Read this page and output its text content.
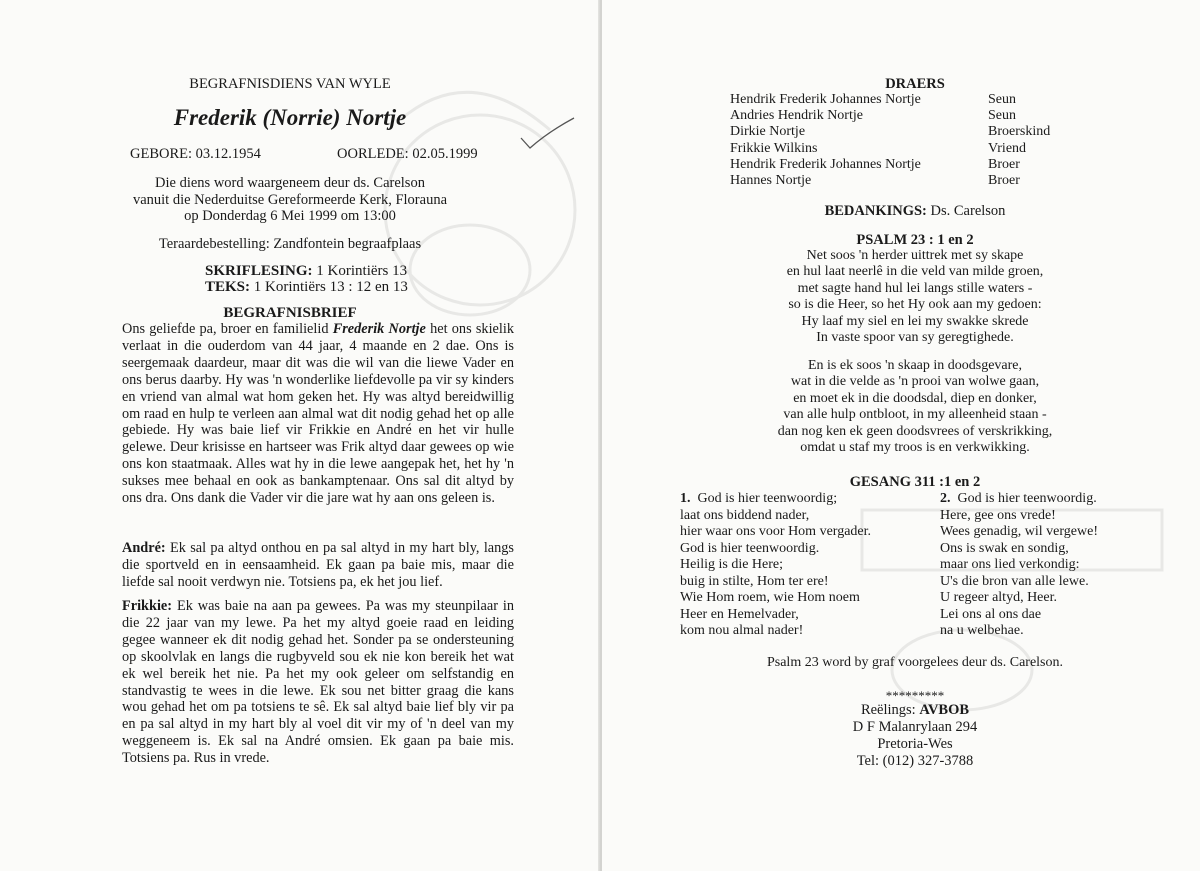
BEGRAFNISDIENS VAN WYLE
Frederik (Norrie) Nortje
GEBORE: 03.12.1954	OORLEDE: 02.05.1999
Die diens word waargeneem deur ds. Carelson
vanuit die Nederduitse Gereformeerde Kerk, Florauna
op Donderdag 6 Mei 1999 om 13:00
Teraardebestelling: Zandfontein begraafplaas
SKRIFLESING: 1 Korintiërs 13
TEKS: 1 Korintiërs 13 : 12 en 13
BEGRAFNISBRIEF

Ons geliefde pa, broer en familielid Frederik Nortje het ons skielik verlaat in die ouderdom van 44 jaar, 4 maande en 2 dae. Ons is seergemaak daardeur, maar dit was die wil van die liewe Vader en ons berus daarby. Hy was 'n wonderlike liefdevolle pa vir sy kinders en vriend van almal wat hom geken het. Hy was altyd bereidwillig om raad en hulp te verleen aan almal wat dit nodig gehad het op alle gebiede. Hy was baie lief vir Frikkie en André en het vir hulle gelewe. Deur krisisse en hartseer was Frik altyd daar gewees op wie ons kon staatmaak. Alles wat hy in die lewe aangepak het, het hy 'n sukses mee behaal en ook as bankamptenaar. Ons sal dit altyd by ons dra. Ons dank die Vader vir die jare wat hy aan ons geleen is.

André: Ek sal pa altyd onthou en pa sal altyd in my hart bly, langs die sportveld en in eensaamheid. Ek gaan pa baie mis, maar die liefde sal nooit verdwyn nie. Totsiens pa, ek het jou lief.

Frikkie: Ek was baie na aan pa gewees. Pa was my steunpilaar in die 22 jaar van my lewe. Pa het my altyd goeie raad en leiding gegee wanneer ek dit nodig gehad het. Sonder pa se ondersteuning op skoolvlak en langs die rugbyveld sou ek nie kon bereik het wat ek wel bereik het nie. Pa het my ook geleer om selfstandig en standvastig te wees in die lewe. Ek sou net bitter graag die kans wou gehad het om pa totsiens te sê. Ek sal altyd baie lief bly vir pa en pa sal altyd in my hart bly al voel dit vir my of 'n deel van my weggeneem is. Ek sal na André omsien. Ek gaan pa baie mis. Totsiens pa. Rus in vrede.

DRAERS
Hendrik Frederik Johannes Nortje	Seun
Andries Hendrik Nortje	Seun
Dirkie Nortje	Broerskind
Frikkie Wilkins	Vriend
Hendrik Frederik Johannes Nortje	Broer
Hannes Nortje	Broer
BEDANKINGS: Ds. Carelson
PSALM 23 : 1 en 2
Net soos 'n herder uittrek met sy skape
en hul laat neerlê in die veld van milde groen,
met sagte hand hul lei langs stille waters -
so is die Heer, so het Hy ook aan my gedoen:
Hy laaf my siel en lei my swakke skrede
In vaste spoor van sy geregtighede.
En is ek soos 'n skaap in doodsgevare,
wat in die velde as 'n prooi van wolwe gaan,
en moet ek in die doodsdal, diep en donker,
van alle hulp ontbloot, in my alleenheid staan -
dan nog ken ek geen doodsvrees of verskrikking,
omdat u staf my troos is en verkwikking.
GESANG 311 :1 en 2
1. God is hier teenwoordig;
laat ons biddend nader,
hier waar ons voor Hom vergader.
God is hier teenwoordig.
Heilig is die Here;
buig in stilte, Hom ter ere!
Wie Hom roem, wie Hom noem
Heer en Hemelvader,
kom nou almal nader!
2. God is hier teenwoordig.
Here, gee ons vrede!
Wees genadig, wil vergewe!
Ons is swak en sondig,
maar ons lied verkondig:
U's die bron van alle lewe.
U regeer altyd, Heer.
Lei ons al ons dae
na u welbehae.
Psalm 23 word by graf voorgelees deur ds. Carelson.
*********
Reëlings: AVBOB
D F Malanrylaan 294
Pretoria-Wes
Tel: (012) 327-3788
